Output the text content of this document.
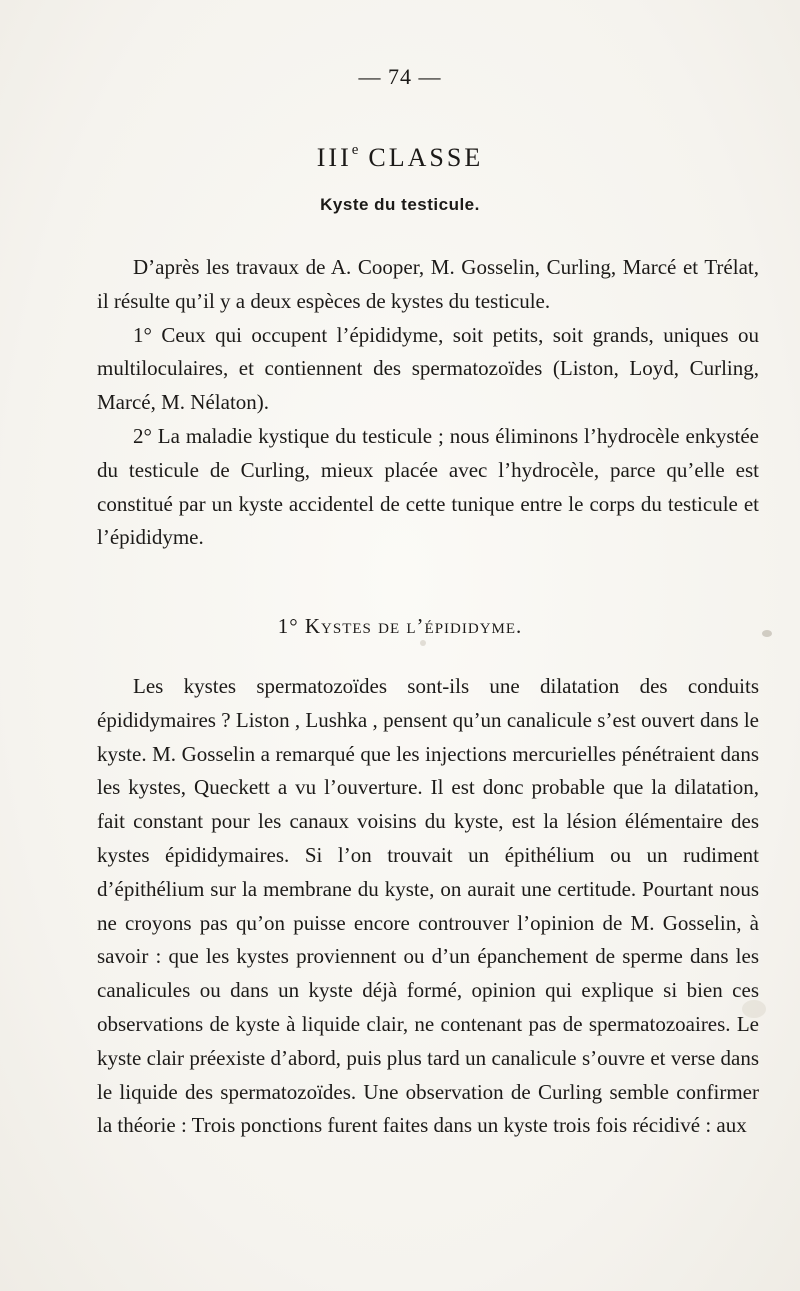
— 74 —
IIIe CLASSE
Kyste du testicule.

D’après les travaux de A. Cooper, M. Gosselin, Curling, Marcé et Trélat, il résulte qu’il y a deux espèces de kystes du testicule.

1° Ceux qui occupent l’épididyme, soit petits, soit grands, uniques ou multiloculaires, et contiennent des spermatozoïdes (Liston, Loyd, Curling, Marcé, M. Nélaton).

2° La maladie kystique du testicule ; nous éliminons l’hydrocèle enkystée du testicule de Curling, mieux placée avec l’hydrocèle, parce qu’elle est constitué par un kyste accidentel de cette tunique entre le corps du testicule et l’épididyme.

1° Kystes de l’épididyme.

Les kystes spermatozoïdes sont-ils une dilatation des conduits épididymaires ? Liston , Lushka , pensent qu’un canalicule s’est ouvert dans le kyste. M. Gosselin a remarqué que les injections mercurielles pénétraient dans les kystes, Queckett a vu l’ouverture. Il est donc probable que la dilatation, fait constant pour les canaux voisins du kyste, est la lésion élémentaire des kystes épididymaires. Si l’on trouvait un épithélium ou un rudiment d’épithélium sur la membrane du kyste, on aurait une certitude. Pourtant nous ne croyons pas qu’on puisse encore controuver l’opinion de M. Gosselin, à savoir : que les kystes proviennent ou d’un épanchement de sperme dans les canalicules ou dans un kyste déjà formé, opinion qui explique si bien ces observations de kyste à liquide clair, ne contenant pas de spermatozoaires. Le kyste clair préexiste d’abord, puis plus tard un canalicule s’ouvre et verse dans le liquide des spermatozoïdes. Une observation de Curling semble confirmer la théorie : Trois ponctions furent faites dans un kyste trois fois récidivé : aux
